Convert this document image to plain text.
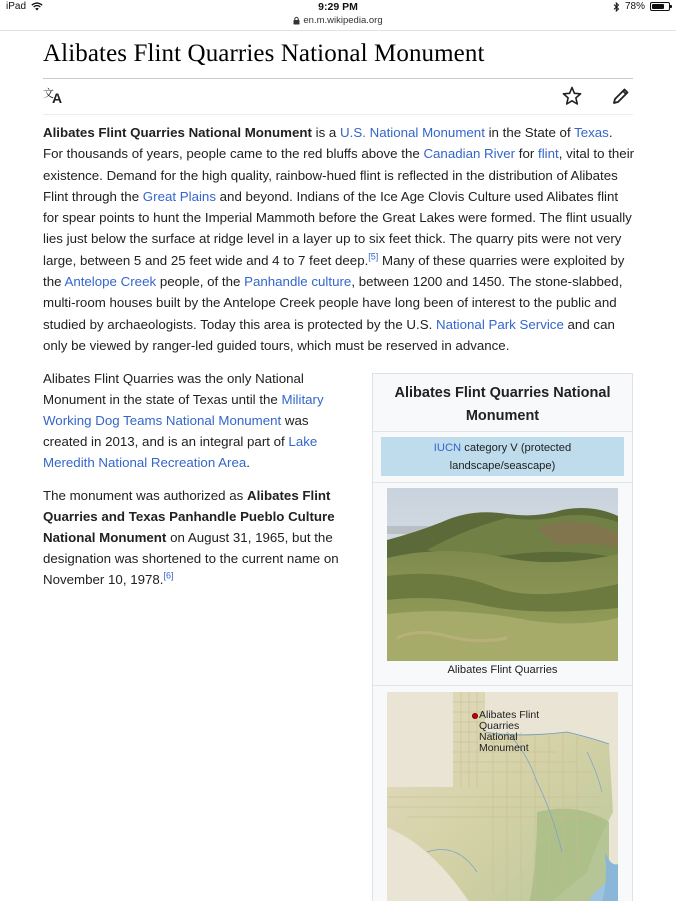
iPad	9:29 PM	78%
en.m.wikipedia.org
Alibates Flint Quarries National Monument
文
A

Alibates Flint Quarries National Monument is a U.S. National Monument in the State of Texas. For thousands of years, people came to the red bluffs above the Canadian River for flint, vital to their existence. Demand for the high quality, rainbow-hued flint is reflected in the distribution of Alibates Flint through the Great Plains and beyond. Indians of the Ice Age Clovis Culture used Alibates flint for spear points to hunt the Imperial Mammoth before the Great Lakes were formed. The flint usually lies just below the surface at ridge level in a layer up to six feet thick. The quarry pits were not very large, between 5 and 25 feet wide and 4 to 7 feet deep.[5] Many of these quarries were exploited by the Antelope Creek people, of the Panhandle culture, between 1200 and 1450. The stone-slabbed, multi-room houses built by the Antelope Creek people have long been of interest to the public and studied by archaeologists. Today this area is protected by the U.S. National Park Service and can only be viewed by ranger-led guided tours, which must be reserved in advance.

Alibates Flint Quarries was the only National Monument in the state of Texas until the Military Working Dog Teams National Monument was created in 2013, and is an integral part of Lake Meredith National Recreation Area.

The monument was authorized as Alibates Flint Quarries and Texas Panhandle Pueblo Culture National Monument on August 31, 1965, but the designation was shortened to the current name on November 10, 1978.[6]

Alibates Flint Quarries National Monument
IUCN category V (protected landscape/seascape)
Alibates Flint Quarries
Alibates Flint
Quarries
National
Monument
